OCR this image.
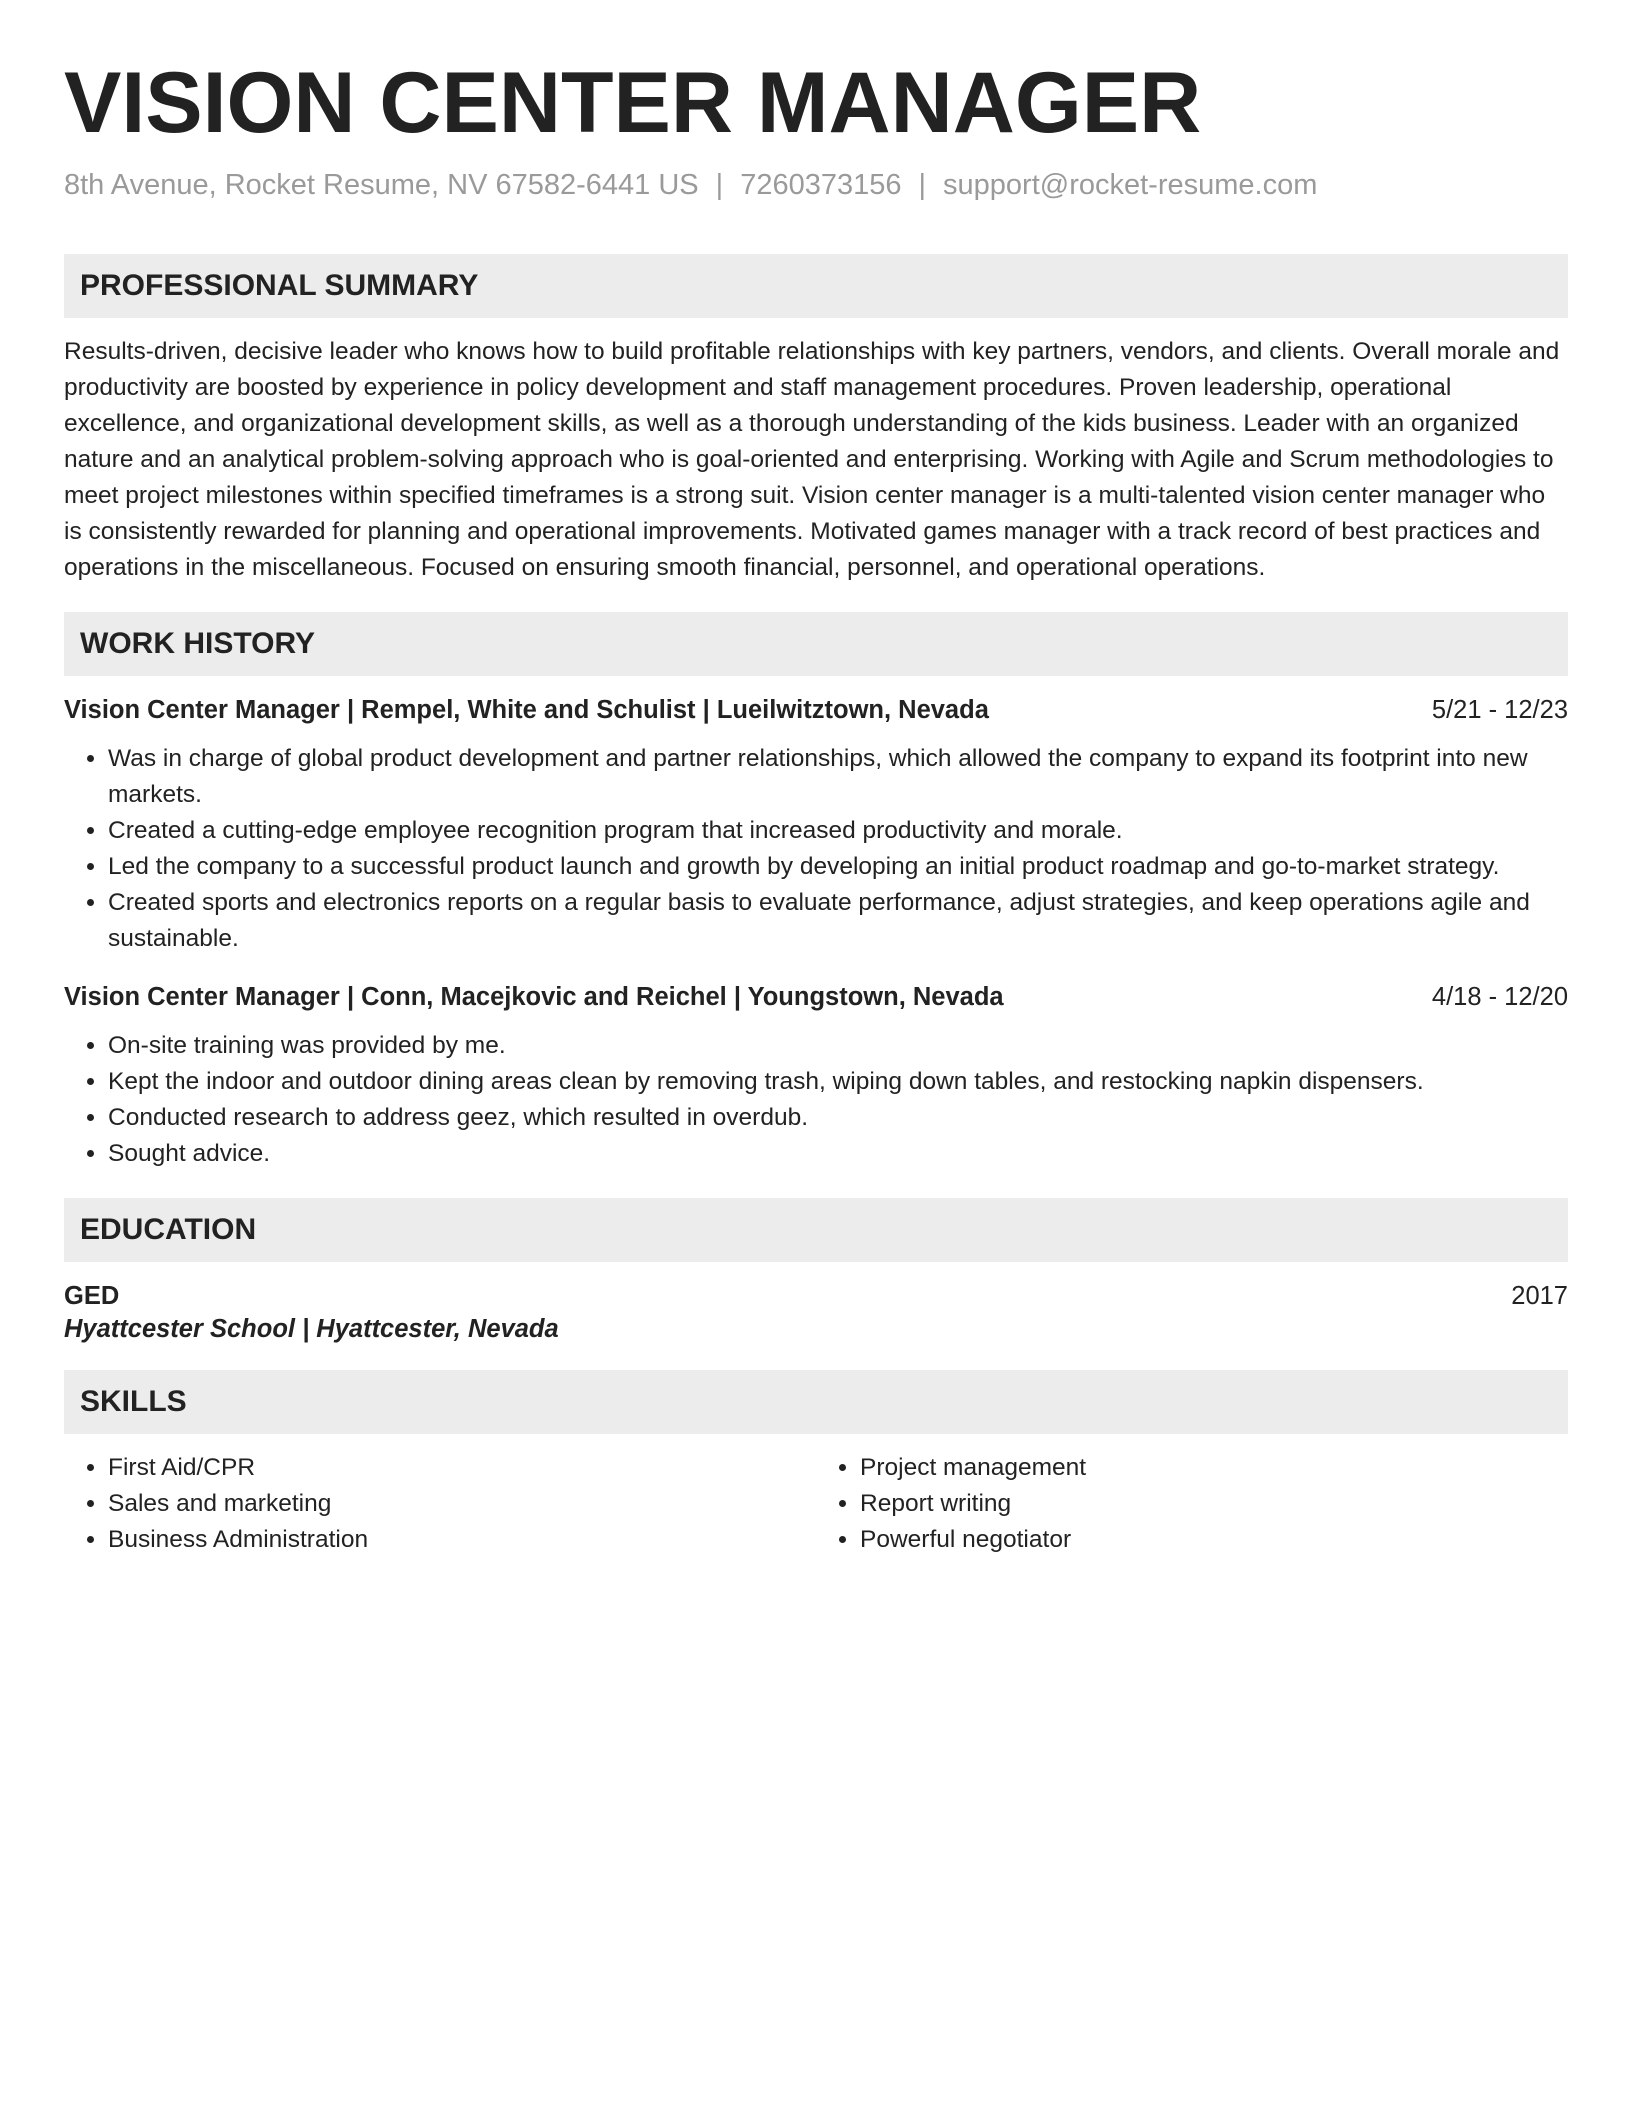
VISION CENTER MANAGER
8th Avenue, Rocket Resume, NV 67582-6441 US | 7260373156 | support@rocket-resume.com
PROFESSIONAL SUMMARY

Results-driven, decisive leader who knows how to build profitable relationships with key partners, vendors, and clients. Overall morale and productivity are boosted by experience in policy development and staff management procedures. Proven leadership, operational excellence, and organizational development skills, as well as a thorough understanding of the kids business. Leader with an organized nature and an analytical problem-solving approach who is goal-oriented and enterprising. Working with Agile and Scrum methodologies to meet project milestones within specified timeframes is a strong suit. Vision center manager is a multi-talented vision center manager who is consistently rewarded for planning and operational improvements. Motivated games manager with a track record of best practices and operations in the miscellaneous. Focused on ensuring smooth financial, personnel, and operational operations.

WORK HISTORY
Vision Center Manager | Rempel, White and Schulist | Lueilwitztown, Nevada	5/21 - 12/23
• Was in charge of global product development and partner relationships, which allowed the company to expand its footprint into new markets.
• Created a cutting-edge employee recognition program that increased productivity and morale.
• Led the company to a successful product launch and growth by developing an initial product roadmap and go-to-market strategy.
• Created sports and electronics reports on a regular basis to evaluate performance, adjust strategies, and keep operations agile and sustainable.
Vision Center Manager | Conn, Macejkovic and Reichel | Youngstown, Nevada	4/18 - 12/20
• On-site training was provided by me.
• Kept the indoor and outdoor dining areas clean by removing trash, wiping down tables, and restocking napkin dispensers.
• Conducted research to address geez, which resulted in overdub.
• Sought advice.
EDUCATION
GED	2017
Hyattcester School | Hyattcester, Nevada
SKILLS
• First Aid/CPR
• Sales and marketing
• Business Administration
• Project management
• Report writing
• Powerful negotiator
